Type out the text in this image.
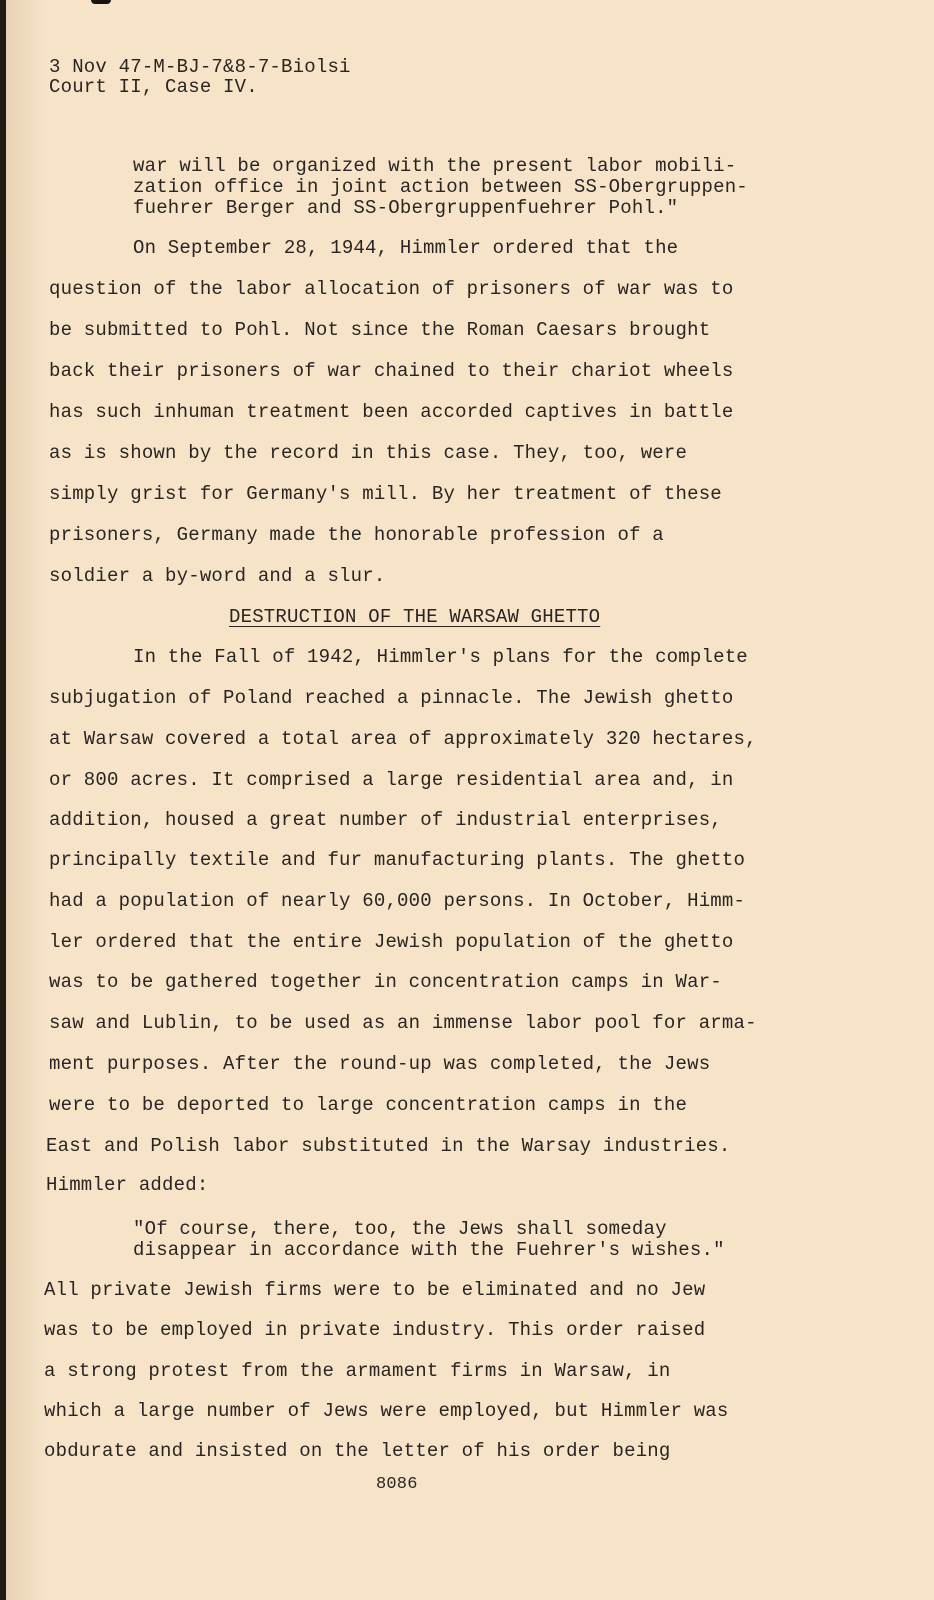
3 Nov 47-M-BJ-7&8-7-Biolsi
Court II, Case IV.
war will be organized with the present labor mobili-
zation office in joint action between SS-Obergruppen-
fuehrer Berger and SS-Obergruppenfuehrer Pohl."
On September 28, 1944, Himmler ordered that the
question of the labor allocation of prisoners of war was to
be submitted to Pohl. Not since the Roman Caesars brought
back their prisoners of war chained to their chariot wheels
has such inhuman treatment been accorded captives in battle
as is shown by the record in this case. They, too, were
simply grist for Germany's mill. By her treatment of these
prisoners, Germany made the honorable profession of a
soldier a by-word and a slur.
DESTRUCTION OF THE WARSAW GHETTO
In the Fall of 1942, Himmler's plans for the complete
subjugation of Poland reached a pinnacle. The Jewish ghetto
at Warsaw covered a total area of approximately 320 hectares,
or 800 acres. It comprised a large residential area and, in
addition, housed a great number of industrial enterprises,
principally textile and fur manufacturing plants. The ghetto
had a population of nearly 60,000 persons. In October, Himm-
ler ordered that the entire Jewish population of the ghetto
was to be gathered together in concentration camps in War-
saw and Lublin, to be used as an immense labor pool for arma-
ment purposes. After the round-up was completed, the Jews
were to be deported to large concentration camps in the
East and Polish labor substituted in the Warsay industries.
Himmler added:
"Of course, there, too, the Jews shall someday
disappear in accordance with the Fuehrer's wishes."
All private Jewish firms were to be eliminated and no Jew
was to be employed in private industry. This order raised
a strong protest from the armament firms in Warsaw, in
which a large number of Jews were employed, but Himmler was
obdurate and insisted on the letter of his order being
8086
